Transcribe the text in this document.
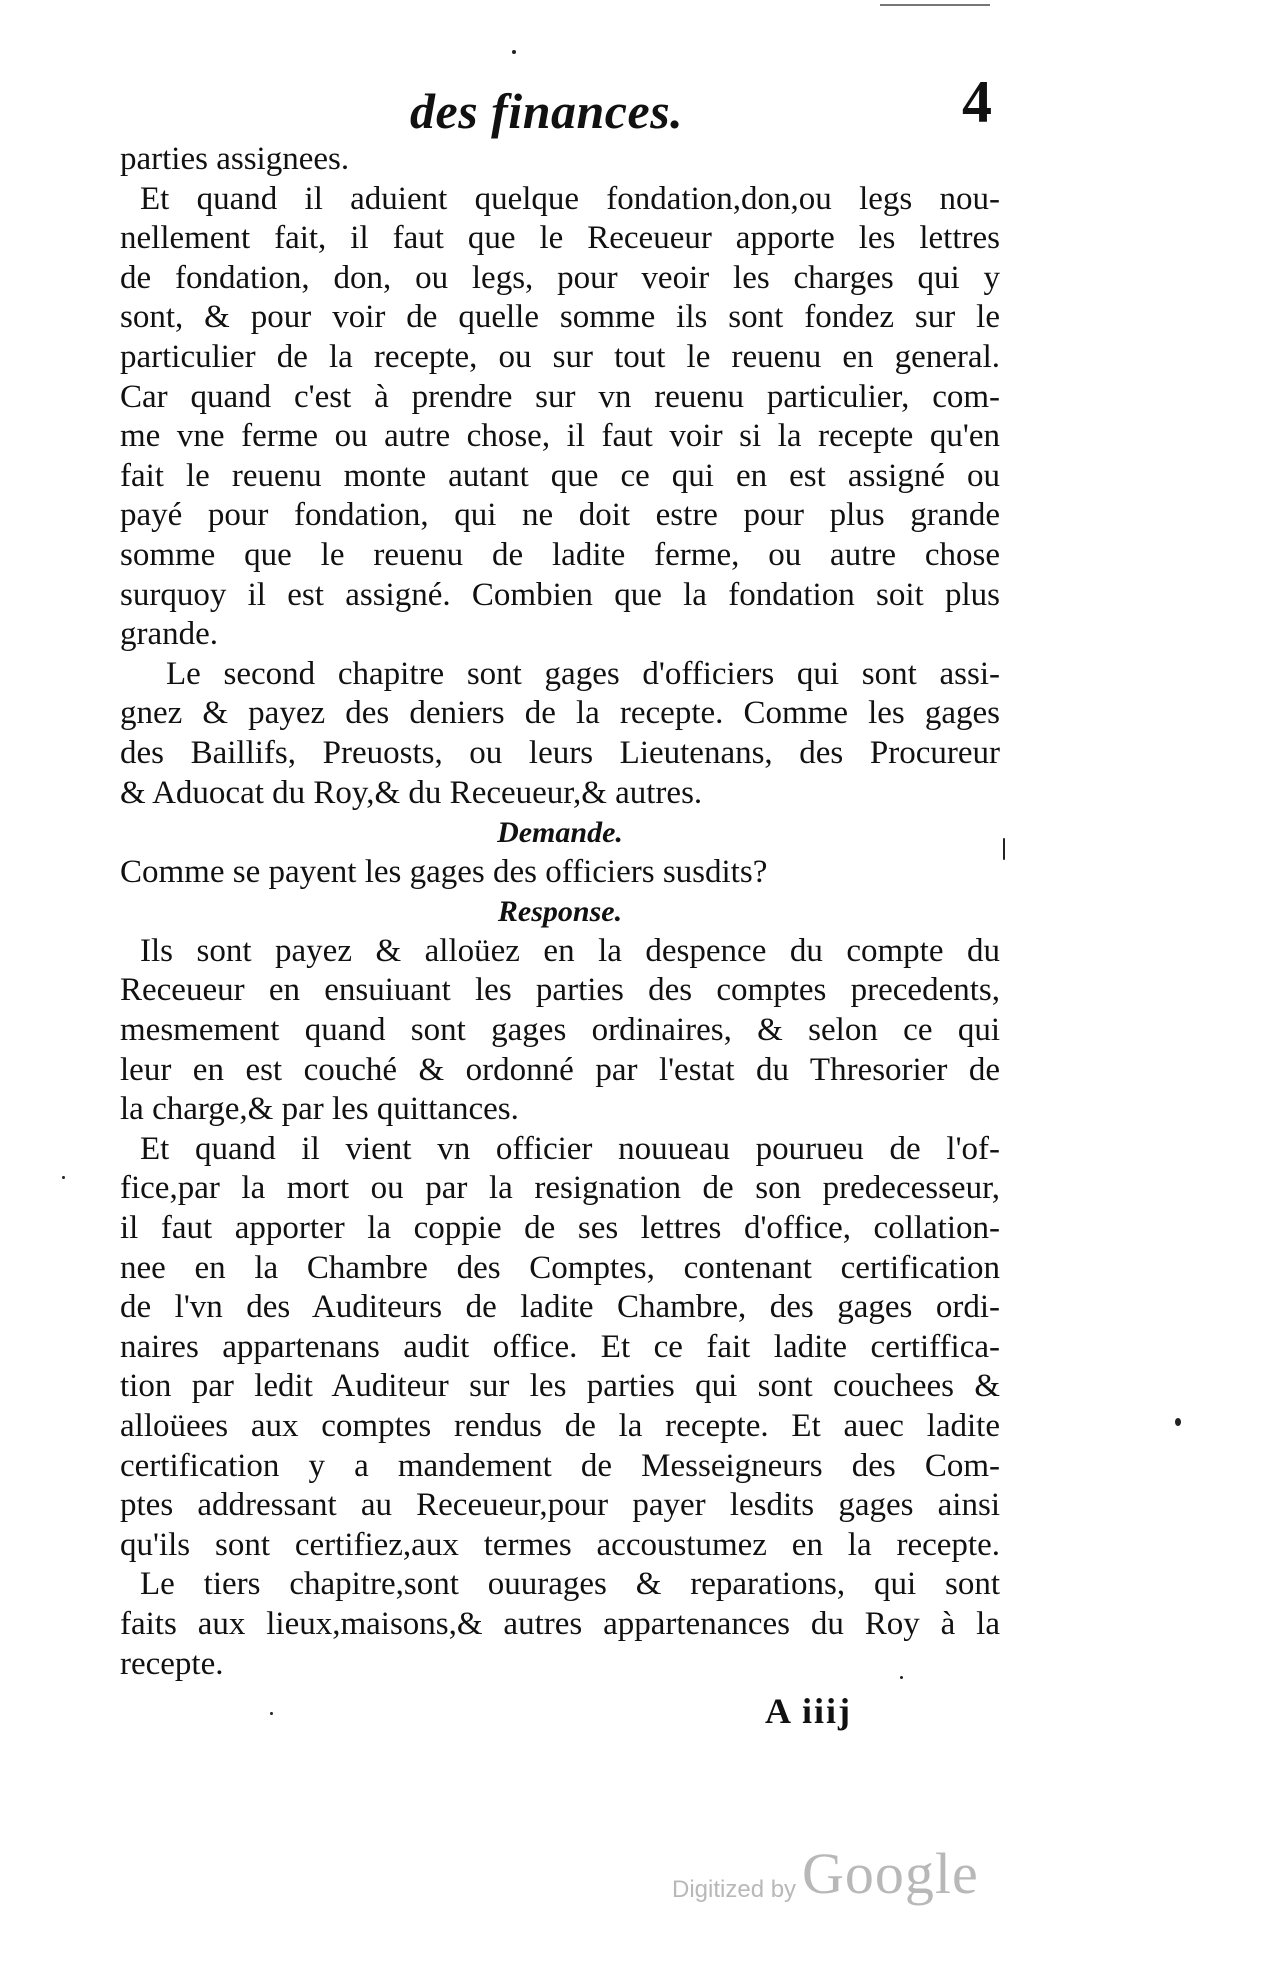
des finances.	4
parties assignees.
Et quand il aduient quelque fondation,don,ou legs nou-
nellement fait, il faut que le Receueur apporte les lettres
de fondation, don, ou legs, pour veoir les charges qui y
sont, & pour voir de quelle somme ils sont fondez sur le
particulier de la recepte, ou sur tout le reuenu en general.
Car quand c'est à prendre sur vn reuenu particulier, com-
me vne ferme ou autre chose, il faut voir si la recepte qu'en
fait le reuenu monte autant que ce qui en est assigné ou
payé pour fondation, qui ne doit estre pour plus grande
somme que le reuenu de ladite ferme, ou autre chose
surquoy il est assigné. Combien que la fondation soit plus
grande.
Le second chapitre sont gages d'officiers qui sont assi-
gnez & payez des deniers de la recepte. Comme les gages
des Baillifs, Preuosts, ou leurs Lieutenans, des Procureur
& Aduocat du Roy,& du Receueur,& autres.
Demande.
Comme se payent les gages des officiers susdits?
Response.
Ils sont payez & alloüez en la despence du compte du
Receueur en ensuiuant les parties des comptes precedents,
mesmement quand sont gages ordinaires, & selon ce qui
leur en est couché & ordonné par l'estat du Thresorier de
la charge,& par les quittances.
Et quand il vient vn officier nouueau pourueu de l'of-
fice,par la mort ou par la resignation de son predecesseur,
il faut apporter la coppie de ses lettres d'office, collation-
nee en la Chambre des Comptes, contenant certification
de l'vn des Auditeurs de ladite Chambre, des gages ordi-
naires appartenans audit office. Et ce fait ladite certiffica-
tion par ledit Auditeur sur les parties qui sont couchees &
alloüees aux comptes rendus de la recepte. Et auec ladite
certification y a mandement de Messeigneurs des Com-
ptes addressant au Receueur,pour payer lesdits gages ainsi
qu'ils sont certifiez,aux termes accoustumez en la recepte.
Le tiers chapitre,sont ouurages & reparations, qui sont
faits aux lieux,maisons,& autres appartenances du Roy à la
recepte.
A iiij
Digitized by Google
